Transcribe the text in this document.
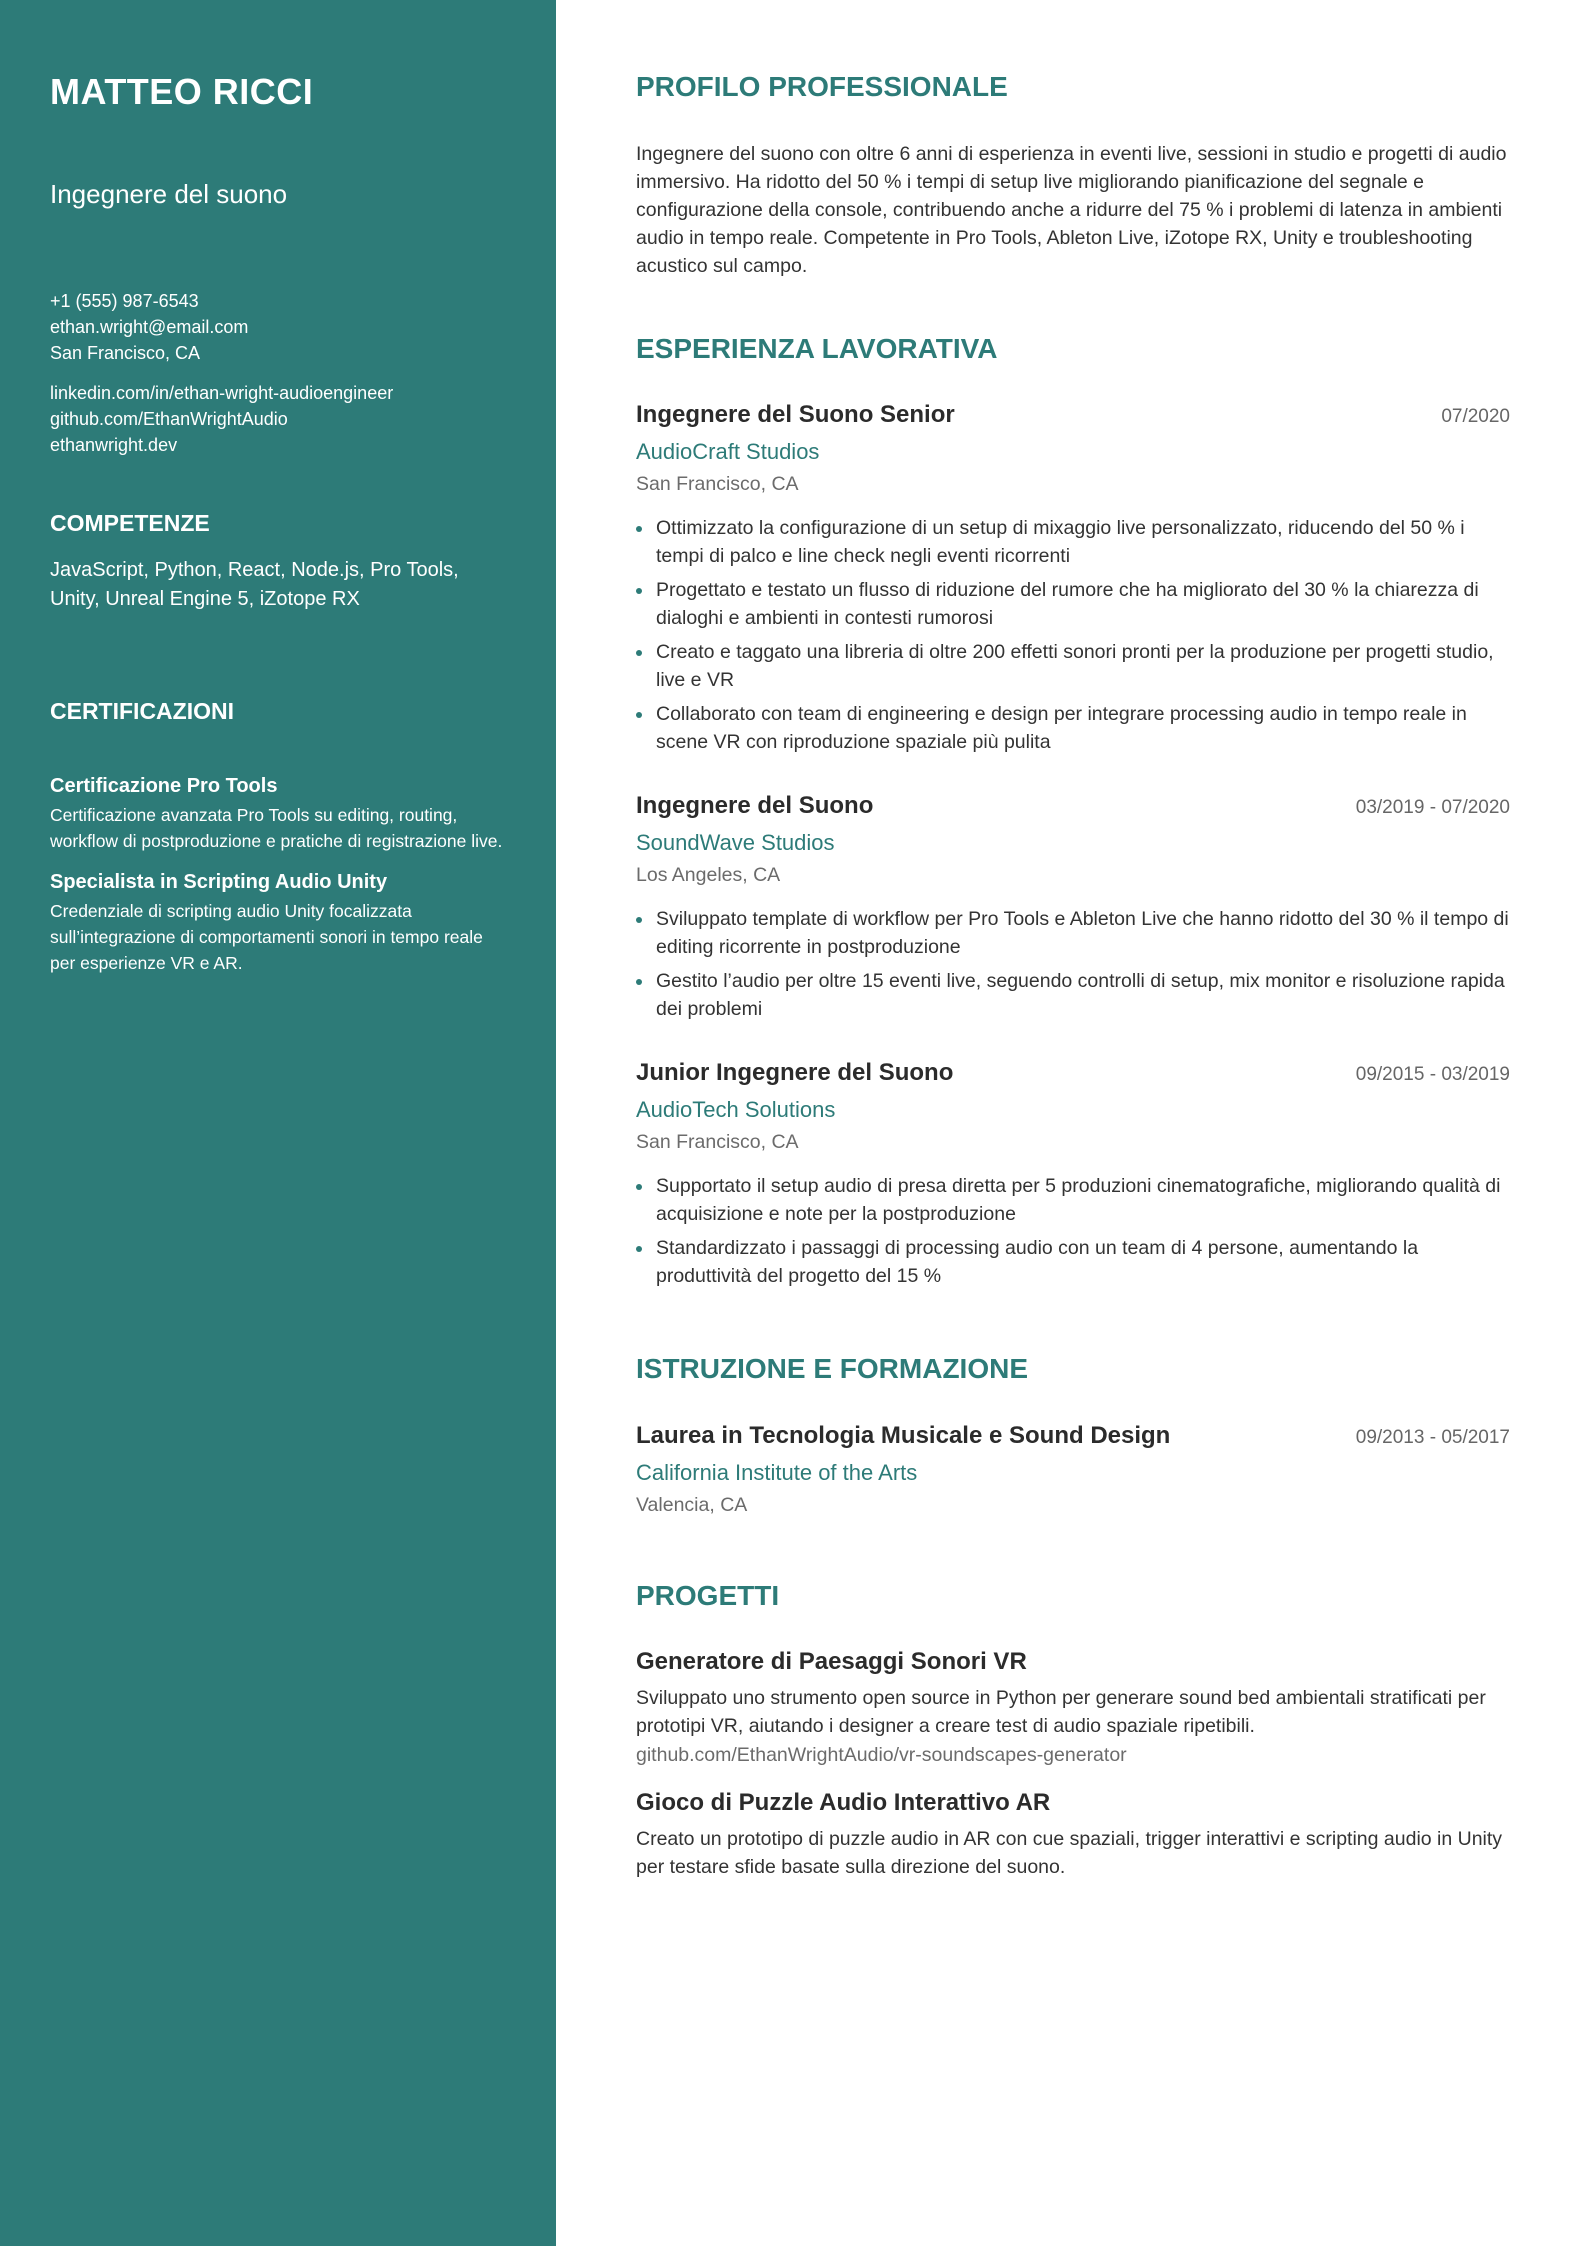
MATTEO RICCI
Ingegnere del suono
+1 (555) 987-6543
ethan.wright@email.com
San Francisco, CA
linkedin.com/in/ethan-wright-audioengineer
github.com/EthanWrightAudio
ethanwright.dev
COMPETENZE
JavaScript, Python, React, Node.js, Pro Tools, Unity, Unreal Engine 5, iZotope RX
CERTIFICAZIONI
Certificazione Pro Tools
Certificazione avanzata Pro Tools su editing, routing, workflow di postproduzione e pratiche di registrazione live.
Specialista in Scripting Audio Unity
Credenziale di scripting audio Unity focalizzata sull’integrazione di comportamenti sonori in tempo reale per esperienze VR e AR.
PROFILO PROFESSIONALE
Ingegnere del suono con oltre 6 anni di esperienza in eventi live, sessioni in studio e progetti di audio immersivo. Ha ridotto del 50 % i tempi di setup live migliorando pianificazione del segnale e configurazione della console, contribuendo anche a ridurre del 75 % i problemi di latenza in ambienti audio in tempo reale. Competente in Pro Tools, Ableton Live, iZotope RX, Unity e troubleshooting acustico sul campo.
ESPERIENZA LAVORATIVA
Ingegnere del Suono Senior	07/2020
AudioCraft Studios
San Francisco, CA
Ottimizzato la configurazione di un setup di mixaggio live personalizzato, riducendo del 50 % i tempi di palco e line check negli eventi ricorrenti
Progettato e testato un flusso di riduzione del rumore che ha migliorato del 30 % la chiarezza di dialoghi e ambienti in contesti rumorosi
Creato e taggato una libreria di oltre 200 effetti sonori pronti per la produzione per progetti studio, live e VR
Collaborato con team di engineering e design per integrare processing audio in tempo reale in scene VR con riproduzione spaziale più pulita
Ingegnere del Suono	03/2019 - 07/2020
SoundWave Studios
Los Angeles, CA
Sviluppato template di workflow per Pro Tools e Ableton Live che hanno ridotto del 30 % il tempo di editing ricorrente in postproduzione
Gestito l’audio per oltre 15 eventi live, seguendo controlli di setup, mix monitor e risoluzione rapida dei problemi
Junior Ingegnere del Suono	09/2015 - 03/2019
AudioTech Solutions
San Francisco, CA
Supportato il setup audio di presa diretta per 5 produzioni cinematografiche, migliorando qualità di acquisizione e note per la postproduzione
Standardizzato i passaggi di processing audio con un team di 4 persone, aumentando la produttività del progetto del 15 %
ISTRUZIONE E FORMAZIONE
Laurea in Tecnologia Musicale e Sound Design	09/2013 - 05/2017
California Institute of the Arts
Valencia, CA
PROGETTI
Generatore di Paesaggi Sonori VR
Sviluppato uno strumento open source in Python per generare sound bed ambientali stratificati per prototipi VR, aiutando i designer a creare test di audio spaziale ripetibili.
github.com/EthanWrightAudio/vr-soundscapes-generator
Gioco di Puzzle Audio Interattivo AR
Creato un prototipo di puzzle audio in AR con cue spaziali, trigger interattivi e scripting audio in Unity per testare sfide basate sulla direzione del suono.
